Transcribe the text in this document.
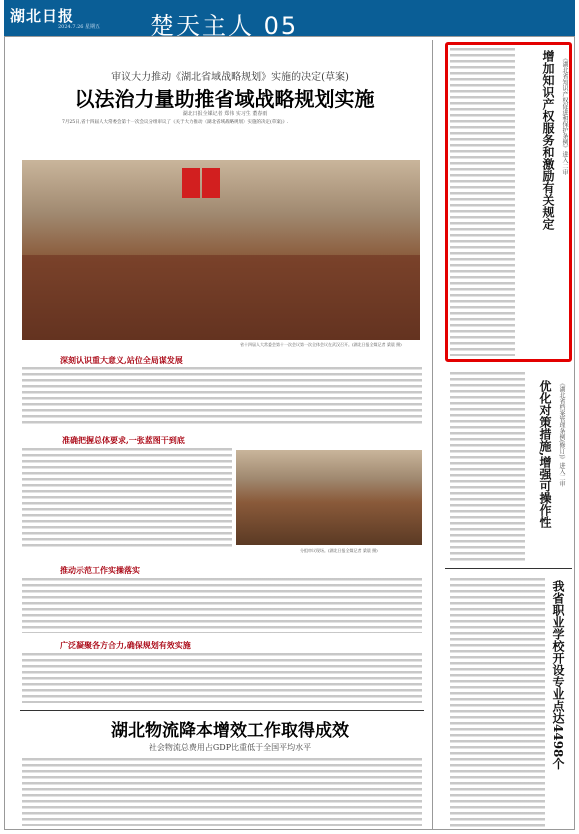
湖北日报
2024.7.26 星期五 楚天主人 05
审议大力推动《湖北省域战略规划》实施的决定(草案)
以法治力量助推省域战略规划实施
湖北日报全媒记者 郑伟 实习生 董春雨
7月25日,省十四届人大常委会第十一次会议分组审议了《关于大力推动〈湖北省域战略规划〉实施的决定(草案)》.
省十四届人大常委会第十一次会议第一次全体会议在武汉召开。(湖北日报全媒记者 梁晨 摄)
深刻认识重大意义,站位全局谋发展
准确把握总体要求,一张蓝图干到底
分组审议现场。(湖北日报全媒记者 梁晨 摄)
推动示范工作实操落实
广泛凝聚各方合力,确保规划有效实施
湖北物流降本增效工作取得成效
社会物流总费用占GDP比重低于全国平均水平
增加知识产权服务和激励有关规定	《湖北省知识产权促进和保护条例》进入二审
优化对策措施,增强可操作性	《湖北省档案管理条例(修订)》进入二审
我省职业学校开设专业点达4498个
